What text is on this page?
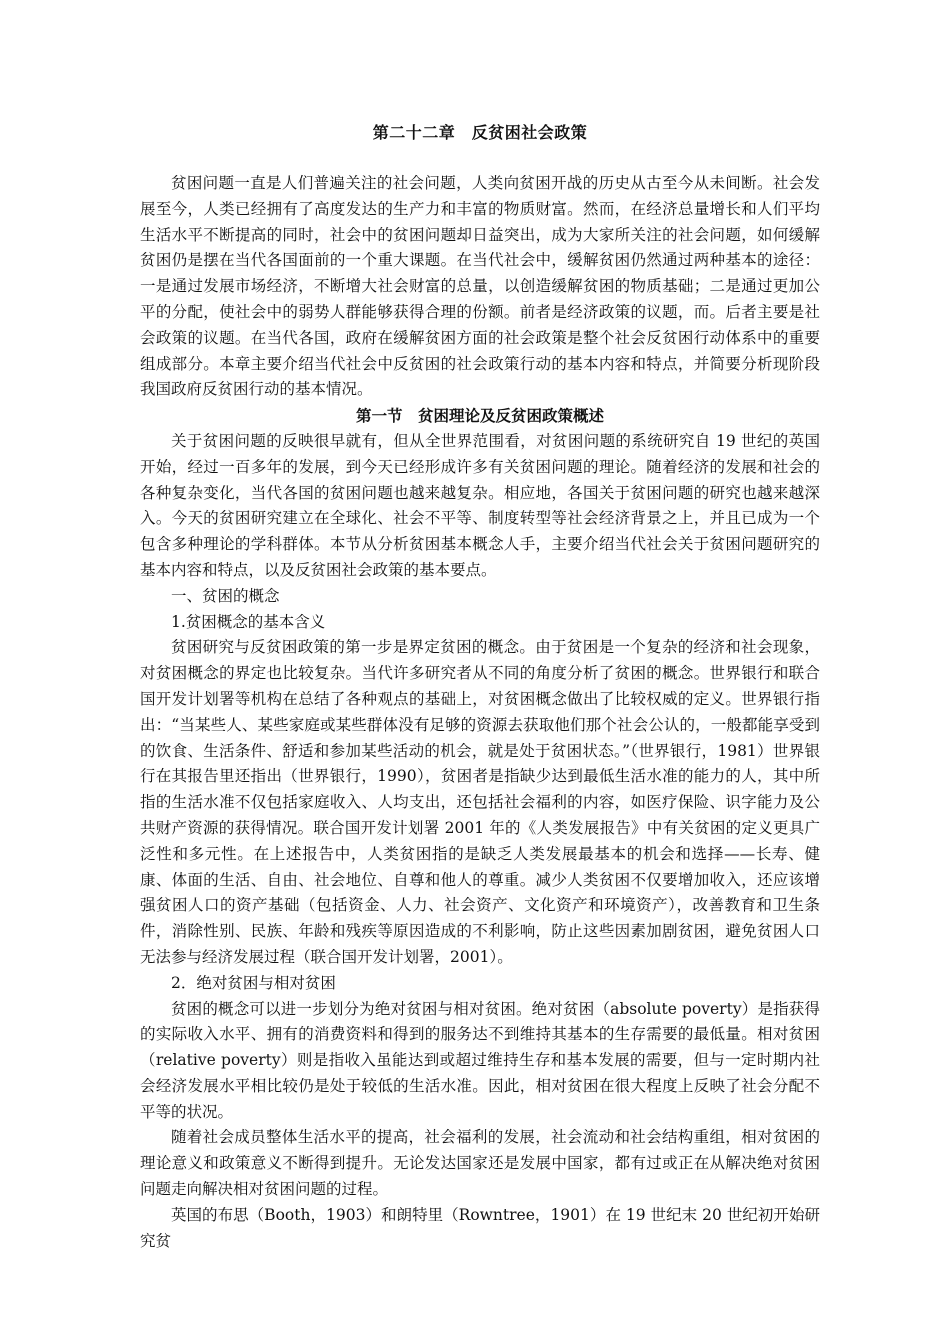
第二十二章　反贫困社会政策

贫困问题一直是人们普遍关注的社会问题，人类向贫困开战的历史从古至今从未间断。社会发展至今，人类已经拥有了高度发达的生产力和丰富的物质财富。然而，在经济总量增长和人们平均生活水平不断提高的同时，社会中的贫困问题却日益突出，成为大家所关注的社会问题，如何缓解贫困仍是摆在当代各国面前的一个重大课题。在当代社会中，缓解贫困仍然通过两种基本的途径：一是通过发展市场经济，不断增大社会财富的总量，以创造缓解贫困的物质基础；二是通过更加公平的分配，使社会中的弱势人群能够获得合理的份额。前者是经济政策的议题，而。后者主要是社会政策的议题。在当代各国，政府在缓解贫困方面的社会政策是整个社会反贫困行动体系中的重要组成部分。本章主要介绍当代社会中反贫困的社会政策行动的基本内容和特点，并简要分析现阶段我国政府反贫困行动的基本情况。

第一节　贫困理论及反贫困政策概述

关于贫困问题的反映很早就有，但从全世界范围看，对贫困问题的系统研究自 19 世纪的英国开始，经过一百多年的发展，到今天已经形成许多有关贫困问题的理论。随着经济的发展和社会的各种复杂变化，当代各国的贫困问题也越来越复杂。相应地，各国关于贫困问题的研究也越来越深入。今天的贫困研究建立在全球化、社会不平等、制度转型等社会经济背景之上，并且已成为一个包含多种理论的学科群体。本节从分析贫困基本概念人手，主要介绍当代社会关于贫困问题研究的基本内容和特点，以及反贫困社会政策的基本要点。

一、贫困的概念
1.贫困概念的基本含义

贫困研究与反贫困政策的第一步是界定贫困的概念。由于贫困是一个复杂的经济和社会现象，对贫困概念的界定也比较复杂。当代许多研究者从不同的角度分析了贫困的概念。世界银行和联合国开发计划署等机构在总结了各种观点的基础上，对贫困概念做出了比较权威的定义。世界银行指出：“当某些人、某些家庭或某些群体没有足够的资源去获取他们那个社会公认的，一般都能享受到的饮食、生活条件、舒适和参加某些活动的机会，就是处于贫困状态。”（世界银行，1981）世界银行在其报告里还指出（世界银行，1990），贫困者是指缺少达到最低生活水准的能力的人，其中所指的生活水准不仅包括家庭收入、人均支出，还包括社会福利的内容，如医疗保险、识字能力及公共财产资源的获得情况。联合国开发计划署 2001 年的《人类发展报告》中有关贫困的定义更具广泛性和多元性。在上述报告中，人类贫困指的是缺乏人类发展最基本的机会和选择——长寿、健康、体面的生活、自由、社会地位、自尊和他人的尊重。减少人类贫困不仅要增加收入，还应该增强贫困人口的资产基础（包括资金、人力、社会资产、文化资产和环境资产），改善教育和卫生条件，消除性别、民族、年龄和残疾等原因造成的不利影响，防止这些因素加剧贫困，避免贫困人口无法参与经济发展过程（联合国开发计划署，2001）。

2．绝对贫困与相对贫困

贫困的概念可以进一步划分为绝对贫困与相对贫困。绝对贫困（absolute poverty）是指获得的实际收入水平、拥有的消费资料和得到的服务达不到维持其基本的生存需要的最低量。相对贫困（relative poverty）则是指收入虽能达到或超过维持生存和基本发展的需要，但与一定时期内社会经济发展水平相比较仍是处于较低的生活水准。因此，相对贫困在很大程度上反映了社会分配不平等的状况。

随着社会成员整体生活水平的提高，社会福利的发展，社会流动和社会结构重组，相对贫困的理论意义和政策意义不断得到提升。无论发达国家还是发展中国家，都有过或正在从解决绝对贫困问题走向解决相对贫困问题的过程。

英国的布思（Booth，1903）和朗特里（Rowntree，1901）在 19 世纪末 20 世纪初开始研究贫
